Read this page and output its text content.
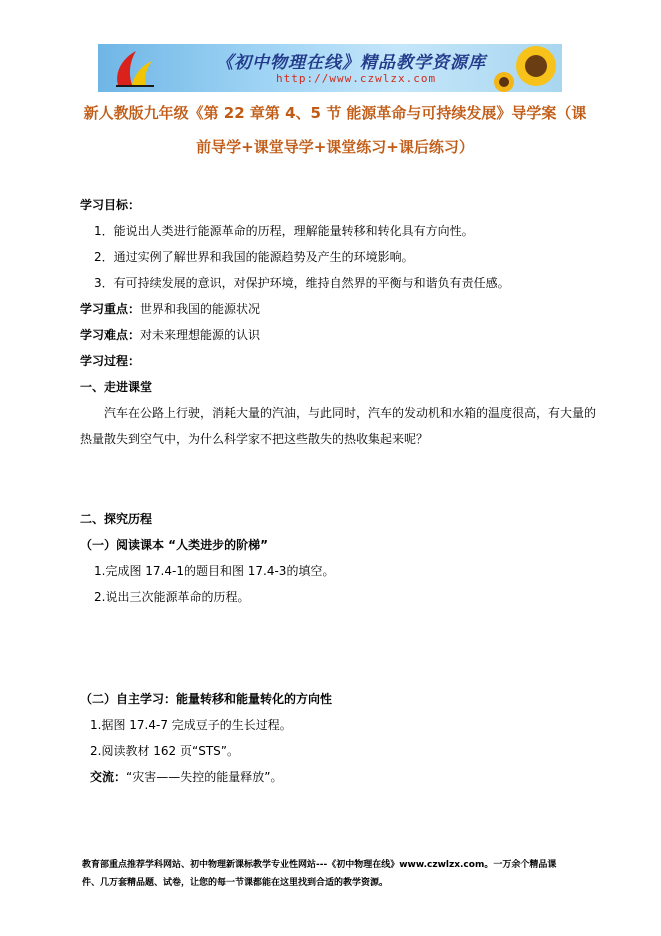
《初中物理在线》精品教学资源库
http://www.czwlzx.com
新人教版九年级《第 22 章第 4、5 节 能源革命与可持续发展》导学案（课
前导学+课堂导学+课堂练习+课后练习）
学习目标：
1．能说出人类进行能源革命的历程，理解能量转移和转化具有方向性。
2．通过实例了解世界和我国的能源趋势及产生的环境影响。
3．有可持续发展的意识，对保护环境，维持自然界的平衡与和谐负有责任感。
学习重点：世界和我国的能源状况
学习难点：对未来理想能源的认识
学习过程：
一、走进课堂
汽车在公路上行驶，消耗大量的汽油，与此同时，汽车的发动机和水箱的温度很高，有大量的
热量散失到空气中，为什么科学家不把这些散失的热收集起来呢？
二、探究历程
（一）阅读课本 “人类进步的阶梯”
1.完成图 17.4-1的题目和图 17.4-3的填空。
2.说出三次能源革命的历程。
（二）自主学习：能量转移和能量转化的方向性
1.据图 17.4-7 完成豆子的生长过程。
2.阅读教材 162 页“STS”。
交流：“灾害——失控的能量释放”。
教育部重点推荐学科网站、初中物理新课标教学专业性网站---《初中物理在线》www.czwlzx.com。一万余个精品课
件、几万套精品题、试卷，让您的每一节课都能在这里找到合适的教学资源。
